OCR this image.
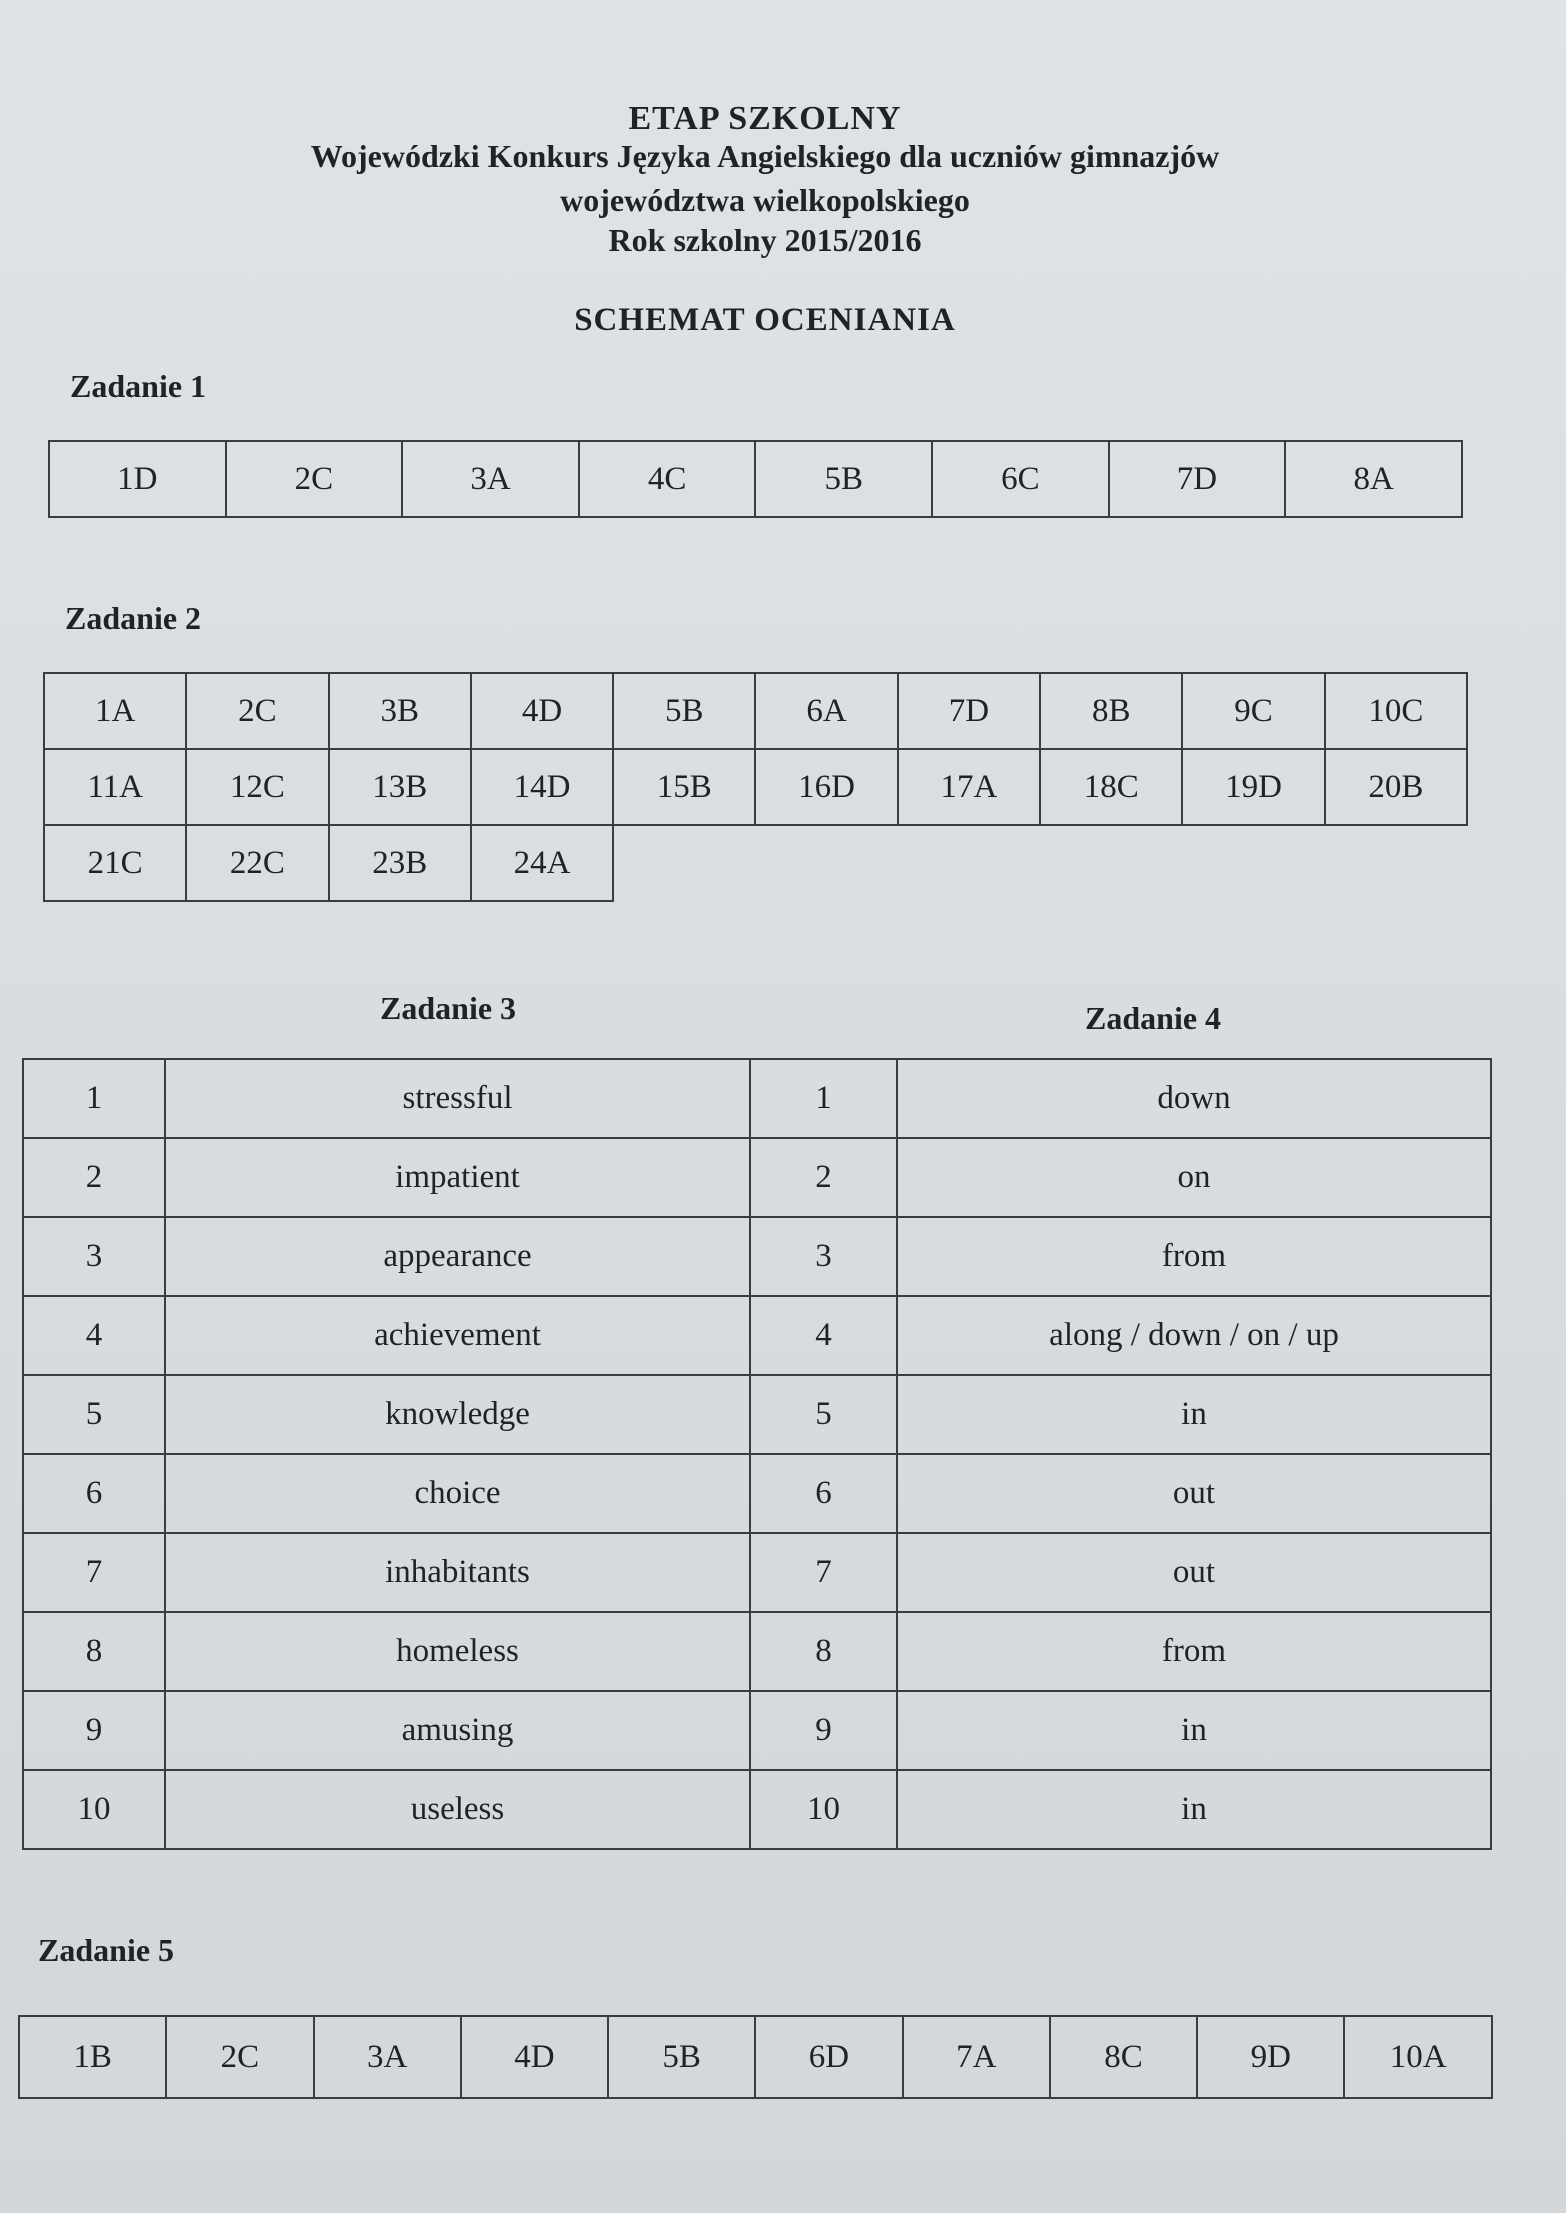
ETAP SZKOLNY
Wojewódzki Konkurs Języka Angielskiego dla uczniów gimnazjów
województwa wielkopolskiego
Rok szkolny 2015/2016
SCHEMAT OCENIANIA
Zadanie 1
1D	2C	3A	4C	5B	6C	7D	8A
Zadanie 2
1A	2C	3B	4D	5B	6A	7D	8B	9C	10C
11A	12C	13B	14D	15B	16D	17A	18C	19D	20B
21C	22C	23B	24A						
Zadanie 3	Zadanie 4
1	stressful	1	down
2	impatient	2	on
3	appearance	3	from
4	achievement	4	along / down / on / up
5	knowledge	5	in
6	choice	6	out
7	inhabitants	7	out
8	homeless	8	from
9	amusing	9	in
10	useless	10	in
Zadanie 5
1B	2C	3A	4D	5B	6D	7A	8C	9D	10A
